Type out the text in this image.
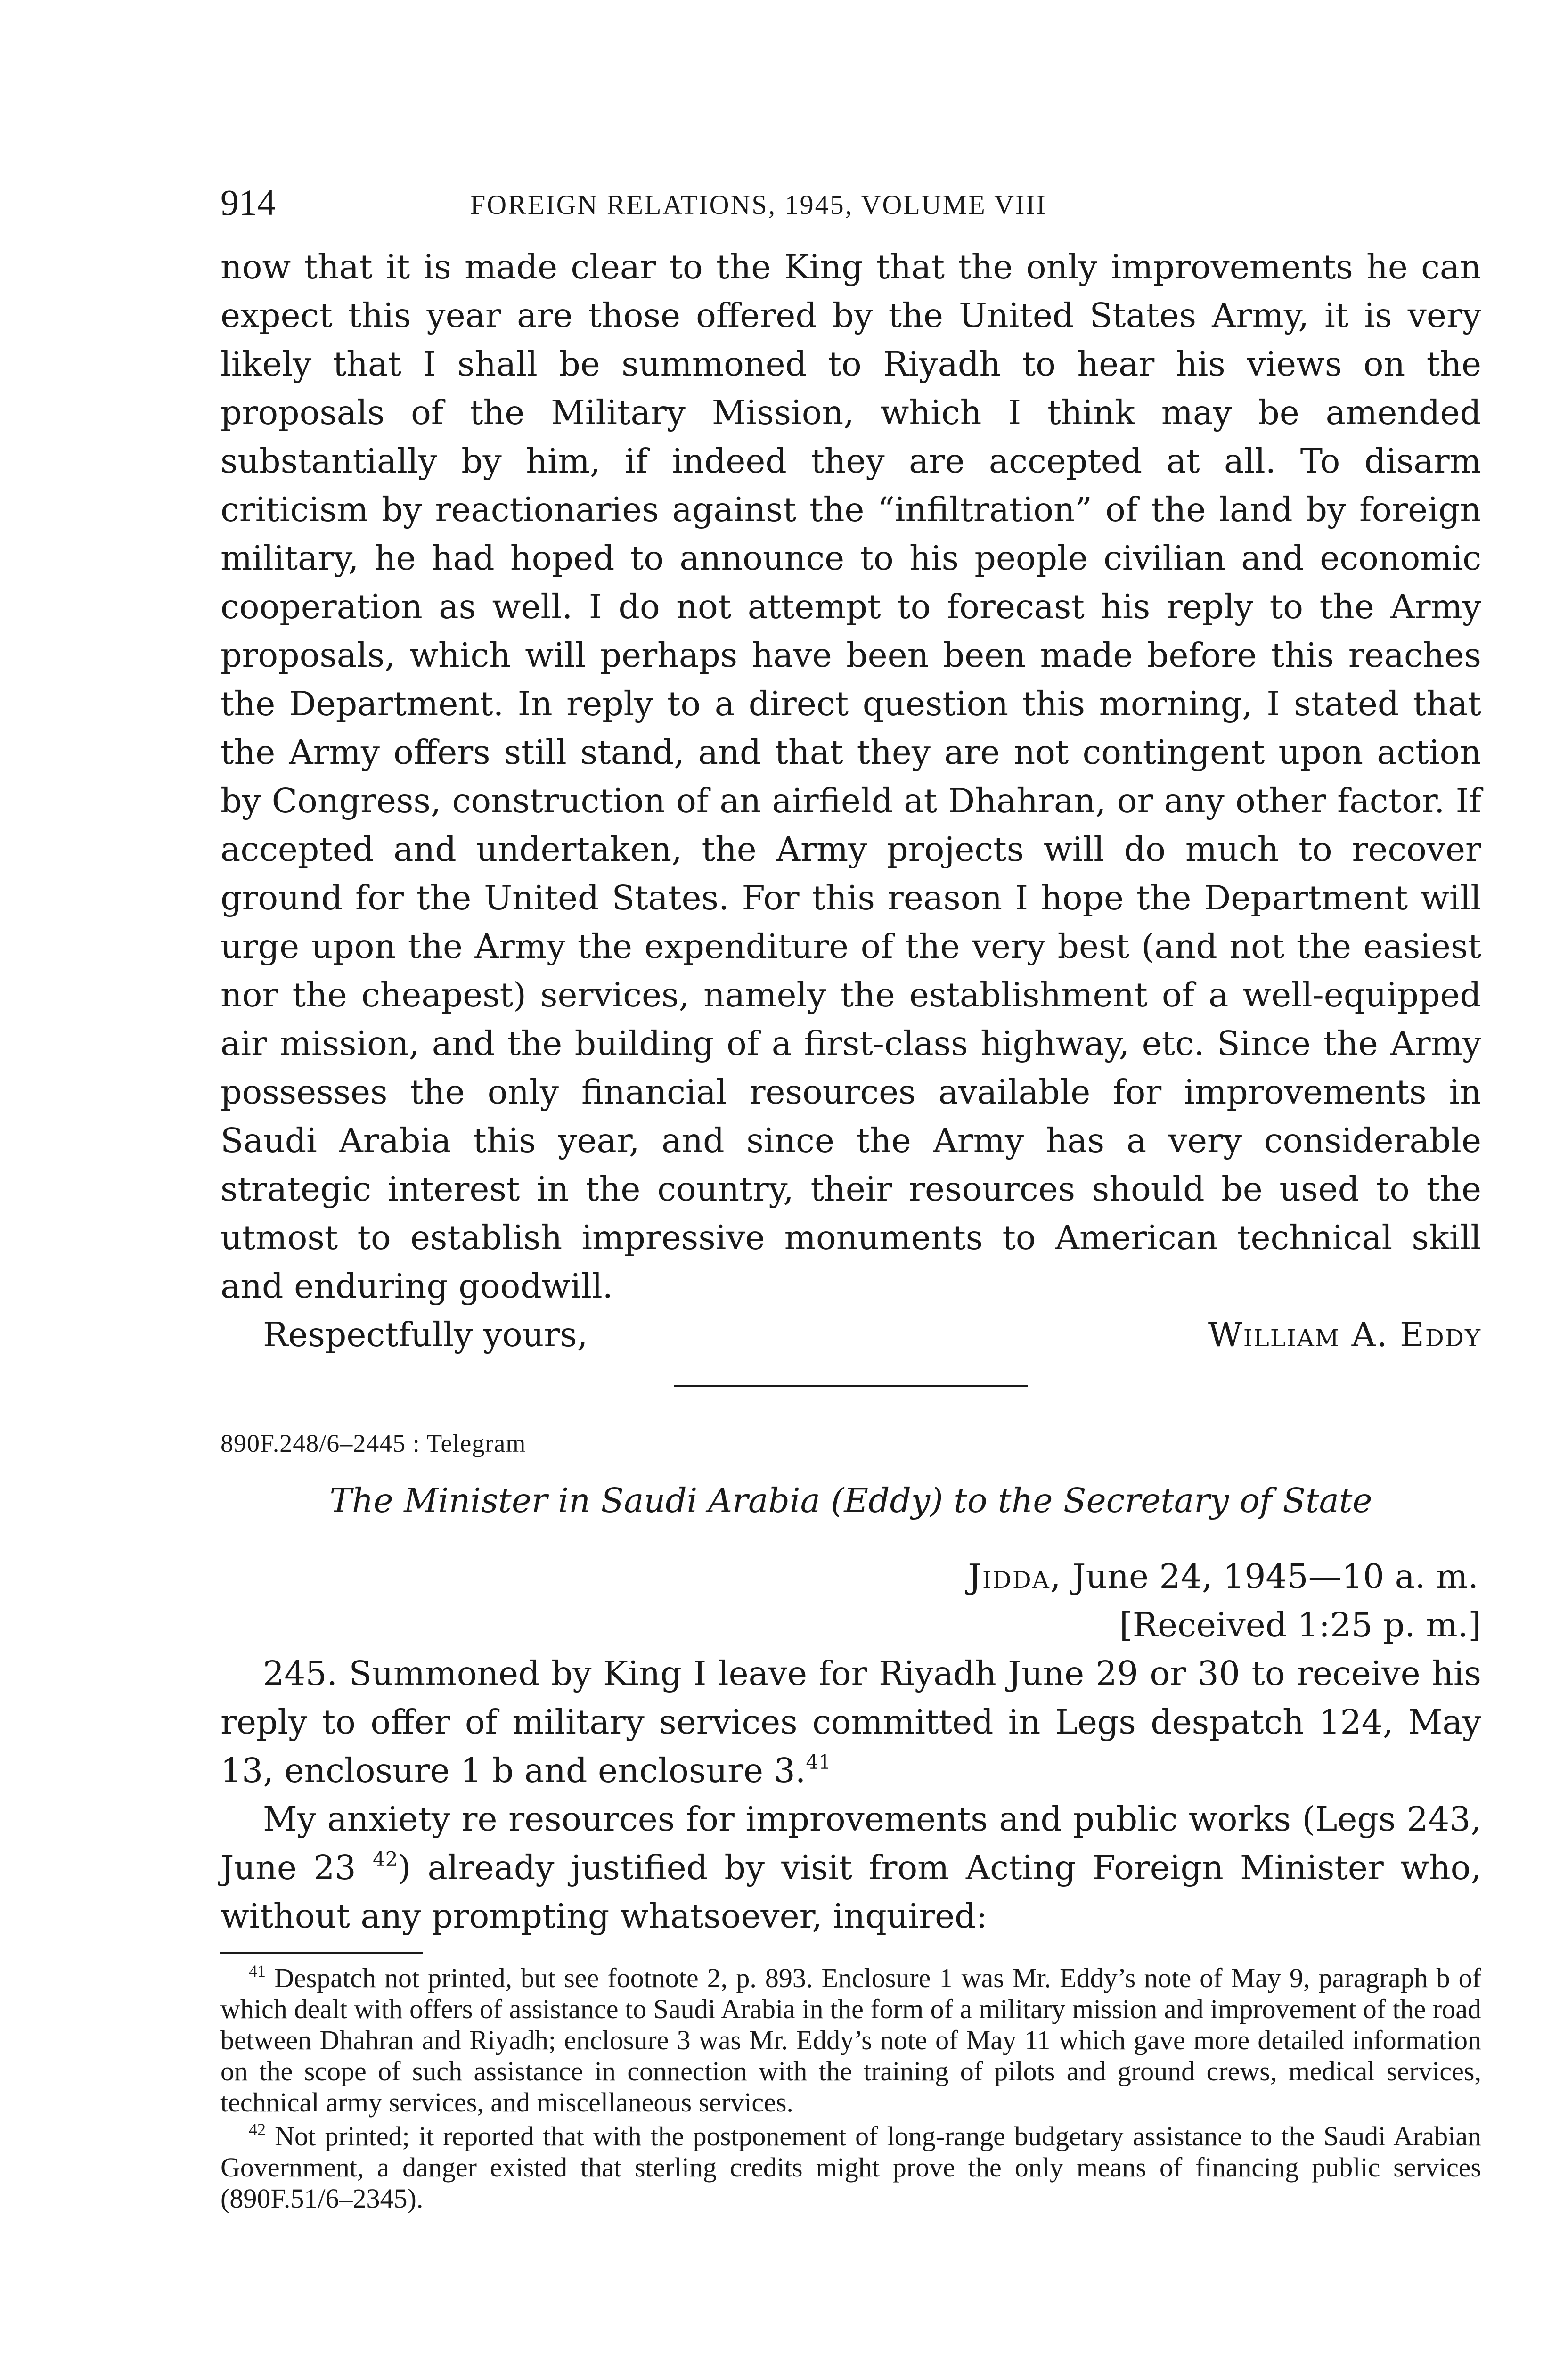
914	FOREIGN RELATIONS, 1945, VOLUME VIII

now that it is made clear to the King that the only improvements he can expect this year are those offered by the United States Army, it is very likely that I shall be summoned to Riyadh to hear his views on the proposals of the Military Mission, which I think may be amended substantially by him, if indeed they are accepted at all. To disarm criticism by reactionaries against the “infiltration” of the land by foreign military, he had hoped to announce to his people civilian and economic cooperation as well. I do not attempt to forecast his reply to the Army proposals, which will perhaps have been been made before this reaches the Department. In reply to a direct question this morning, I stated that the Army offers still stand, and that they are not contingent upon action by Congress, construction of an airfield at Dhahran, or any other factor. If accepted and undertaken, the Army projects will do much to recover ground for the United States. For this reason I hope the Department will urge upon the Army the expenditure of the very best (and not the easiest nor the cheapest) services, namely the establishment of a well-equipped air mission, and the building of a first-class highway, etc. Since the Army possesses the only financial resources available for improvements in Saudi Arabia this year, and since the Army has a very considerable strategic interest in the country, their resources should be used to the utmost to establish impressive monuments to American technical skill and enduring goodwill.

Respectfully yours,	William A. Eddy
890F.248/6–2445 : Telegram
The Minister in Saudi Arabia (Eddy) to the Secretary of State
Jidda, June 24, 1945—10 a. m.
[Received 1:25 p. m.]

245. Summoned by King I leave for Riyadh June 29 or 30 to receive his reply to offer of military services committed in Legs despatch 124, May 13, enclosure 1 b and enclosure 3.41

My anxiety re resources for improvements and public works (Legs 243, June 23 $^{42}$) already justified by visit from Acting Foreign Minister who, without any prompting whatsoever, inquired:

$^{41}$ Despatch not printed, but see footnote 2, p. 893. Enclosure 1 was Mr. Eddy’s note of May 9, paragraph b of which dealt with offers of assistance to Saudi Arabia in the form of a military mission and improvement of the road between Dhahran and Riyadh; enclosure 3 was Mr. Eddy’s note of May 11 which gave more detailed information on the scope of such assistance in connection with the training of pilots and ground crews, medical services, technical army services, and miscellaneous services.

$^{42}$ Not printed; it reported that with the postponement of long-range budgetary assistance to the Saudi Arabian Government, a danger existed that sterling credits might prove the only means of financing public services (890F.51/6–2345).
